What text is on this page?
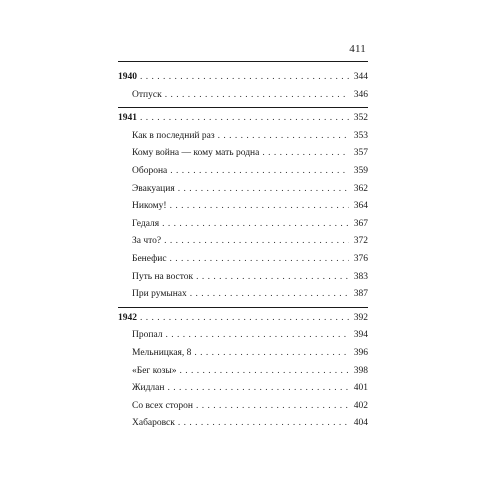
411
1940 . . .	344
Отпуск . . .	346
1941 . . .	352
Как в последний раз . . .	353
Кому война — кому мать родна . . .	357
Оборона . . .	359
Эвакуация . . .	362
Никому! . . .	364
Гедаля . . .	367
За что? . . .	372
Бенефис . . .	376
Путь на восток . . .	383
При румынах . . .	387
1942 . . .	392
Пропал . . .	394
Мельницкая, 8 . . .	396
«Бег козы» . . .	398
Жидлан . . .	401
Со всех сторон . . .	402
Хабаровск . . .	404
